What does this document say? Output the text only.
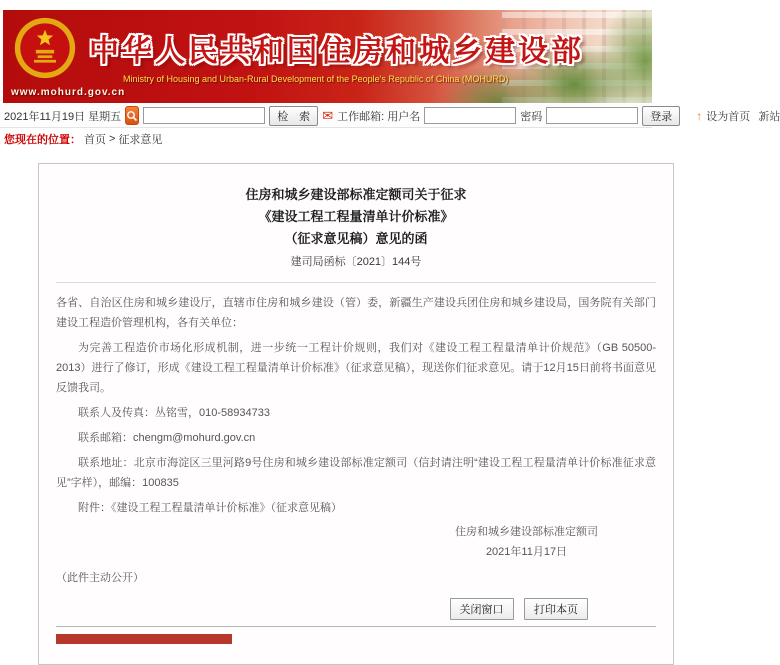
中华人民共和国住房和城乡建设部
Ministry of Housing and Urban-Rural Development of the People's Republic of China (MOHURD)
www.mohurd.gov.cn
2021年11月19日 星期五	检　索 ✉ 工作邮箱: 用户名	密码	登录	↑ 设为首页 新站
您现在的位置： 首页 > 征求意见
住房和城乡建设部标准定额司关于征求
《建设工程工程量清单计价标准》
（征求意见稿）意见的函
建司局函标〔2021〕144号

各省、自治区住房和城乡建设厅，直辖市住房和城乡建设（管）委，新疆生产建设兵团住房和城乡建设局，国务院有关部门建设工程造价管理机构，各有关单位：

为完善工程造价市场化形成机制，进一步统一工程计价规则，我们对《建设工程工程量清单计价规范》（GB 50500-2013）进行了修订，形成《建设工程工程量清单计价标准》（征求意见稿），现送你们征求意见。请于12月15日前将书面意见反馈我司。

联系人及传真：丛铭雪，010-58934733

联系邮箱：chengm@mohurd.gov.cn

联系地址：北京市海淀区三里河路9号住房和城乡建设部标准定额司（信封请注明“建设工程工程量清单计价标准征求意见”字样），邮编：100835

附件：《建设工程工程量清单计价标准》（征求意见稿）

住房和城乡建设部标准定额司
2021年11月17日

（此件主动公开）

关闭窗口	打印本页
